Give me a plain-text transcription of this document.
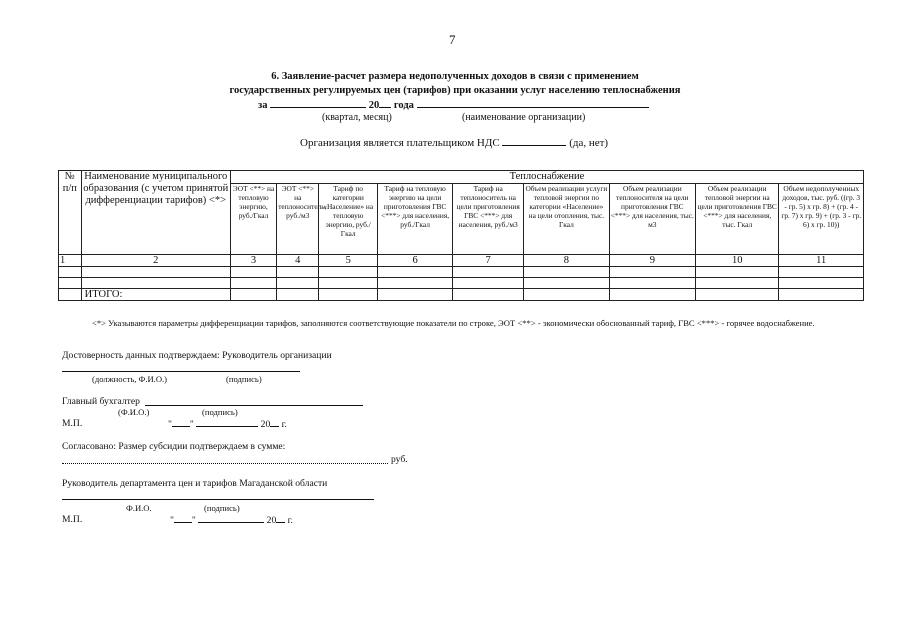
7
6. Заявление-расчет размера недополученных доходов в связи с применением
государственных регулируемых цен (тарифов) при оказании услуг населению теплоснабжения
за	20 года
(квартал, месяц)	(наименование организации)
Организация является плательщиком НДС	(да, нет)
№ п/п	Наименование муниципального образования (с учетом принятой дифференциации тарифов) <*>	Теплоснабжение								
		ЭОТ <**> на тепловую энергию, руб./Гкал	ЭОТ <**> на теплоноситель, руб./м3	Тариф по категории «Население» на тепловую энергию, руб./Гкал	Тариф на тепловую энергию на цели приготовления ГВС <***> для населения, руб./Гкал	Тариф на теплоноситель на цели приготовления ГВС <***> для населения, руб./м3	Объем реализации услуги тепловой энергии по категории «Население» на цели отопления, тыс. Гкал	Объем реализации теплоносителя на цели приготовления ГВС <***> для населения, тыс. м3	Объем реализации тепловой энергии на цели приготовления ГВС <***> для населения, тыс. Гкал	Объем недополученных доходов, тыс. руб. ((гр. 3 - гр. 5) x гр. 8) + (гр. 4 - гр. 7) x гр. 9) + (гр. 3 - гр. 6) x гр. 10))
1	2	3	4	5	6	7	8	9	10	11

	ИТОГО:									
<*> Указываются параметры дифференциации тарифов, заполняются соответствующие показатели по строке, ЭОТ <**> - экономически обоснованный тариф, ГВС <***> - горячее водоснабжение.
Достоверность данных подтверждаем: Руководитель организации
(должность, Ф.И.О.)	(подпись)
Главный бухгалтер
(Ф.И.О.)	(подпись)
М.П.	" "	20 г.
Согласовано: Размер субсидии подтверждаем в сумме:
руб.
Руководитель департамента цен и тарифов Магаданской области
Ф.И.О.	(подпись)
М.П.	" "	20 г.
